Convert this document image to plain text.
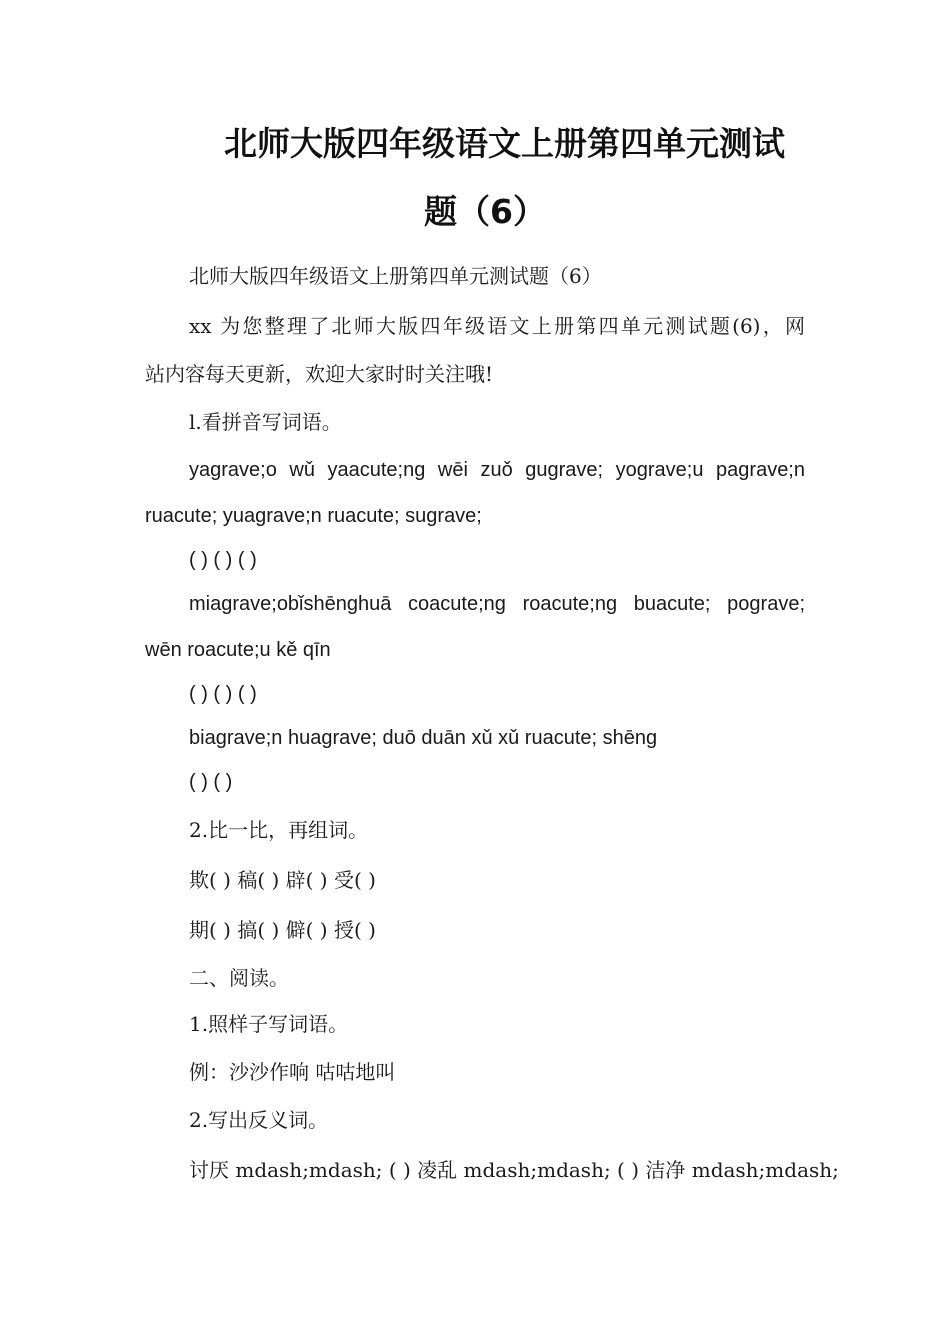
北师大版四年级语文上册第四单元测试
题（6）
北师大版四年级语文上册第四单元测试题（6）
xx 为您整理了北师大版四年级语文上册第四单元测试题(6)，网
站内容每天更新，欢迎大家时时关注哦!
l.看拼音写词语。
yagrave;o wǔ yaacute;ng wēi zuǒ gugrave; yograve;u pagrave;n
ruacute; yuagrave;n ruacute; sugrave;
( ) ( ) ( )
miagrave;obǐshēnghuā coacute;ng roacute;ng buacute; pograve;
wēn roacute;u kě qīn
( ) ( ) ( )
biagrave;n huagrave; duō duān xǔ xǔ ruacute; shēng
( ) ( )
2.比一比，再组词。
欺( ) 稿( ) 辟( ) 受( )
期( ) 搞( ) 僻( ) 授( )
二、阅读。
1.照样子写词语。
例：沙沙作响 咕咕地叫
2.写出反义词。
讨厌 mdash;mdash; ( ) 凌乱 mdash;mdash; ( ) 洁净 mdash;mdash;
